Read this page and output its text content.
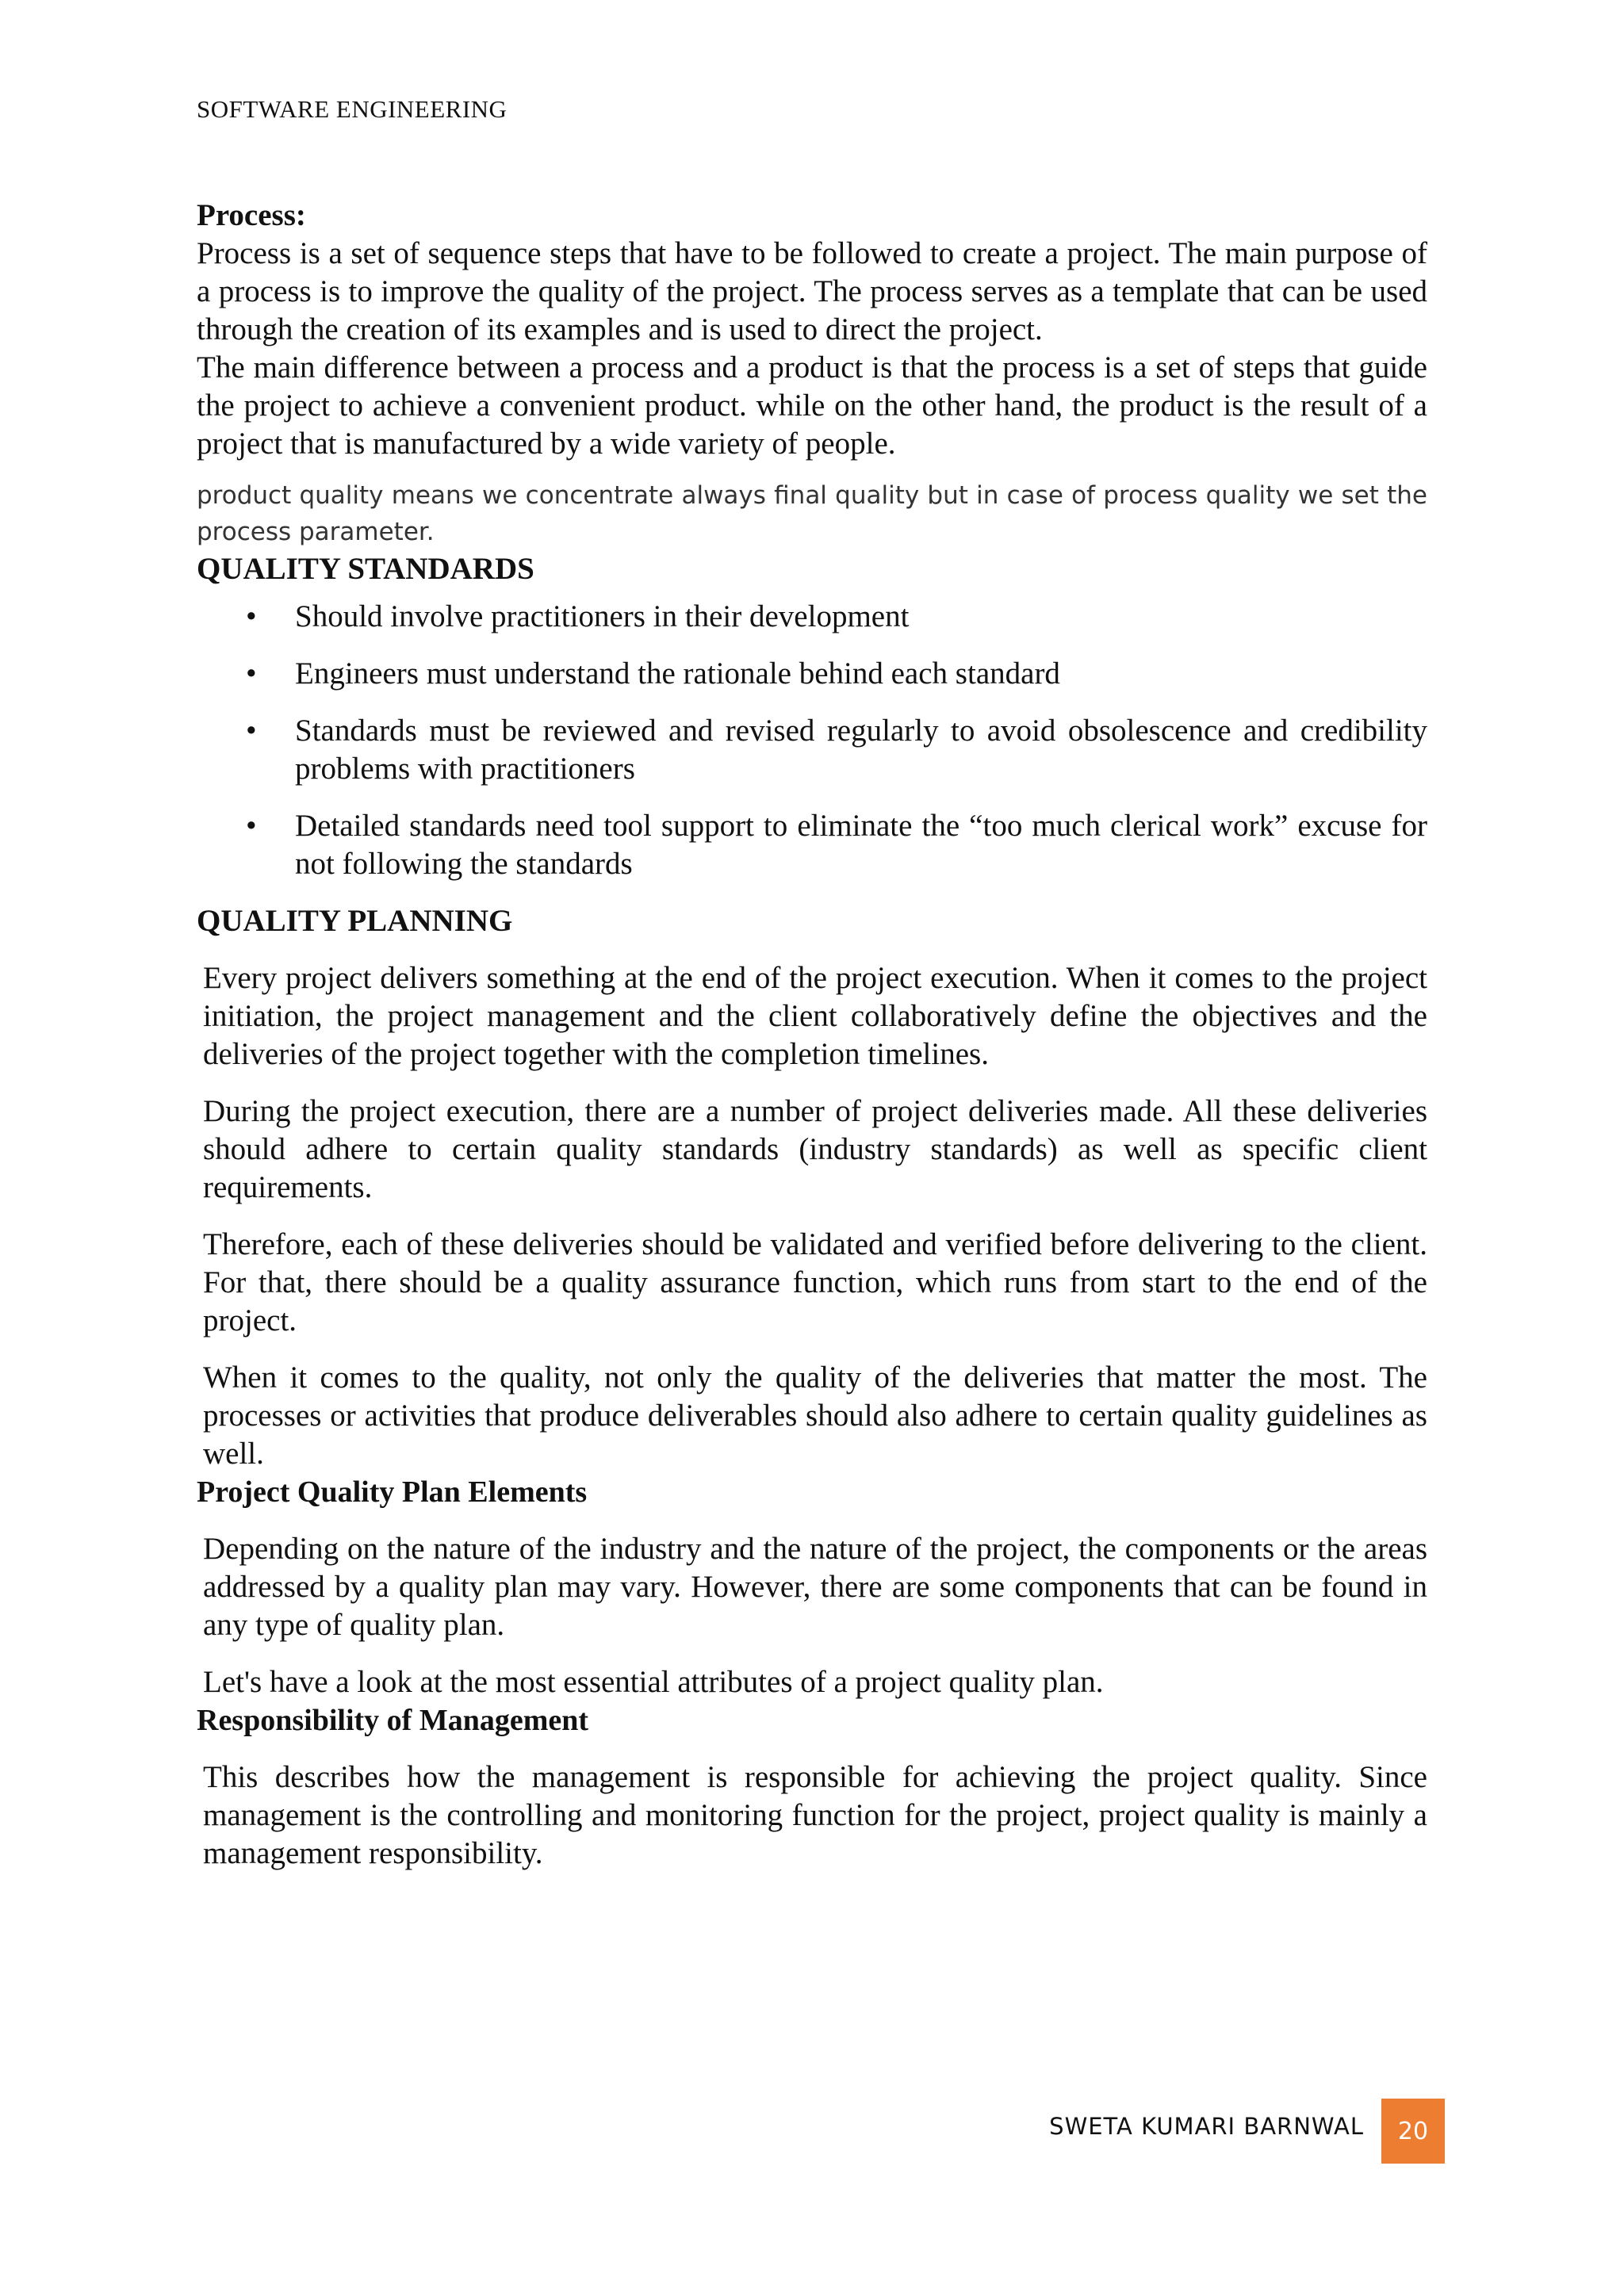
SOFTWARE ENGINEERING

Process:

Process is a set of sequence steps that have to be followed to create a project. The main purpose of a process is to improve the quality of the project. The process serves as a template that can be used through the creation of its examples and is used to direct the project.

The main difference between a process and a product is that the process is a set of steps that guide the project to achieve a convenient product. while on the other hand, the product is the result of a project that is manufactured by a wide variety of people.

product quality means we concentrate always final quality but in case of process quality we set the process parameter.

QUALITY STANDARDS

• Should involve practitioners in their development
• Engineers must understand the rationale behind each standard
• Standards must be reviewed and revised regularly to avoid obsolescence and credibility problems with practitioners
• Detailed standards need tool support to eliminate the “too much clerical work” excuse for not following the standards

QUALITY PLANNING

Every project delivers something at the end of the project execution. When it comes to the project initiation, the project management and the client collaboratively define the objectives and the deliveries of the project together with the completion timelines.

During the project execution, there are a number of project deliveries made. All these deliveries should adhere to certain quality standards (industry standards) as well as specific client requirements.

Therefore, each of these deliveries should be validated and verified before delivering to the client. For that, there should be a quality assurance function, which runs from start to the end of the project.

When it comes to the quality, not only the quality of the deliveries that matter the most. The processes or activities that produce deliverables should also adhere to certain quality guidelines as well.

Project Quality Plan Elements

Depending on the nature of the industry and the nature of the project, the components or the areas addressed by a quality plan may vary. However, there are some components that can be found in any type of quality plan.

Let's have a look at the most essential attributes of a project quality plan.

Responsibility of Management

This describes how the management is responsible for achieving the project quality. Since management is the controlling and monitoring function for the project, project quality is mainly a management responsibility.

SWETA KUMARI BARNWAL	20
